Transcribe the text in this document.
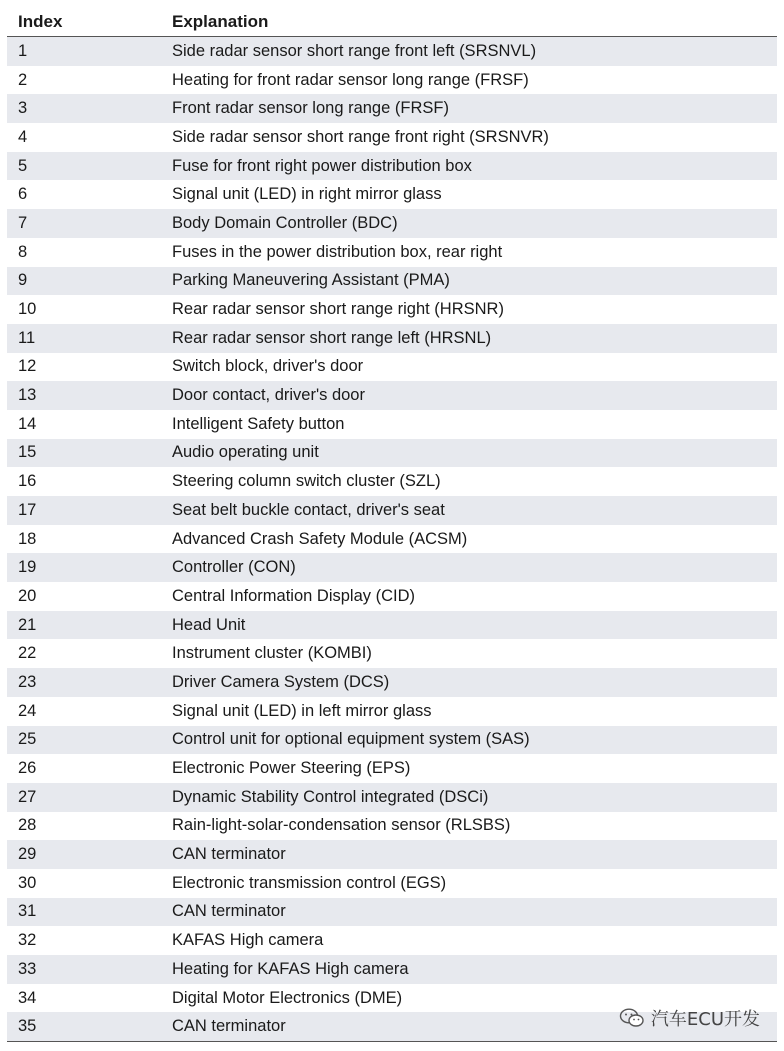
Index	Explanation
1	Side radar sensor short range front left (SRSNVL)
2	Heating for front radar sensor long range (FRSF)
3	Front radar sensor long range (FRSF)
4	Side radar sensor short range front right (SRSNVR)
5	Fuse for front right power distribution box
6	Signal unit (LED) in right mirror glass
7	Body Domain Controller (BDC)
8	Fuses in the power distribution box, rear right
9	Parking Maneuvering Assistant (PMA)
10	Rear radar sensor short range right (HRSNR)
11	Rear radar sensor short range left (HRSNL)
12	Switch block, driver's door
13	Door contact, driver's door
14	Intelligent Safety button
15	Audio operating unit
16	Steering column switch cluster (SZL)
17	Seat belt buckle contact, driver's seat
18	Advanced Crash Safety Module (ACSM)
19	Controller (CON)
20	Central Information Display (CID)
21	Head Unit
22	Instrument cluster (KOMBI)
23	Driver Camera System (DCS)
24	Signal unit (LED) in left mirror glass
25	Control unit for optional equipment system (SAS)
26	Electronic Power Steering (EPS)
27	Dynamic Stability Control integrated (DSCi)
28	Rain-light-solar-condensation sensor (RLSBS)
29	CAN terminator
30	Electronic transmission control (EGS)
31	CAN terminator
32	KAFAS High camera
33	Heating for KAFAS High camera
34	Digital Motor Electronics (DME)
35	CAN terminator	汽车ECU开发
